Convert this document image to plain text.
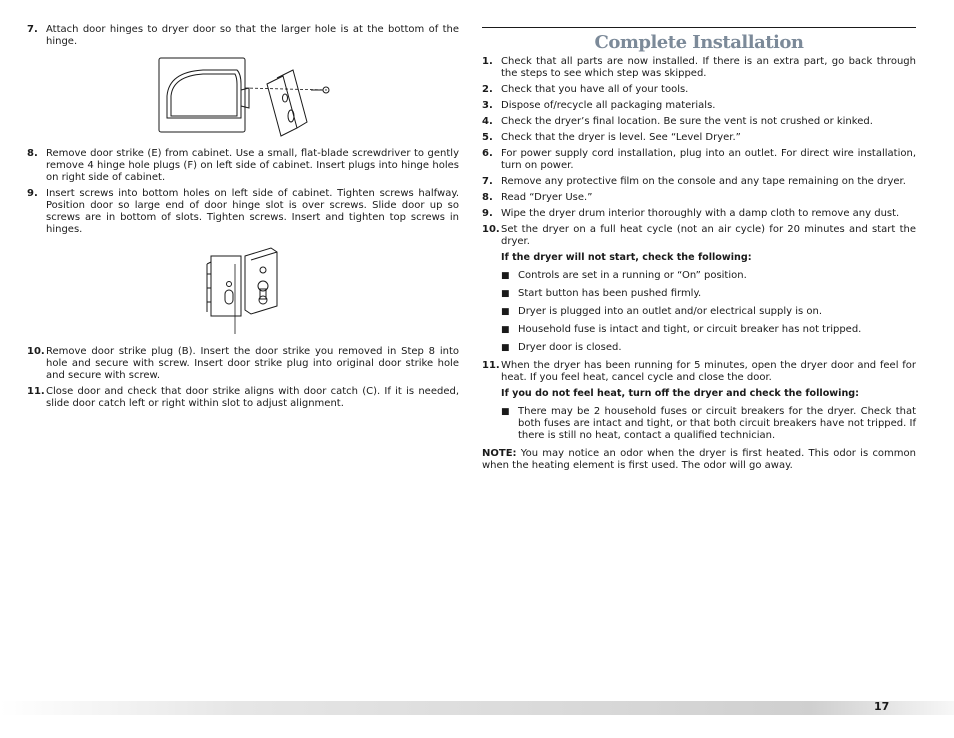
7. Attach door hinges to dryer door so that the larger hole is at the bottom of the hinge.
8. Remove door strike (E) from cabinet. Use a small, flat-blade screwdriver to gently remove 4 hinge hole plugs (F) on left side of cabinet. Insert plugs into hinge holes on right side of cabinet.
9. Insert screws into bottom holes on left side of cabinet. Tighten screws halfway. Position door so large end of door hinge slot is over screws. Slide door up so screws are in bottom of slots. Tighten screws. Insert and tighten top screws in hinges.
10. Remove door strike plug (B). Insert the door strike you removed in Step 8 into hole and secure with screw. Insert door strike plug into original door strike hole and secure with screw.
11. Close door and check that door strike aligns with door catch (C). If it is needed, slide door catch left or right within slot to adjust alignment.
Complete Installation
1. Check that all parts are now installed. If there is an extra part, go back through the steps to see which step was skipped.
2. Check that you have all of your tools.
3. Dispose of/recycle all packaging materials.
4. Check the dryer’s final location. Be sure the vent is not crushed or kinked.
5. Check that the dryer is level. See “Level Dryer.”
6. For power supply cord installation, plug into an outlet. For direct wire installation, turn on power.
7. Remove any protective film on the console and any tape remaining on the dryer.
8. Read “Dryer Use.”
9. Wipe the dryer drum interior thoroughly with a damp cloth to remove any dust.
10. Set the dryer on a full heat cycle (not an air cycle) for 20 minutes and start the dryer.
If the dryer will not start, check the following:
■ Controls are set in a running or “On” position.
■ Start button has been pushed firmly.
■ Dryer is plugged into an outlet and/or electrical supply is on.
■ Household fuse is intact and tight, or circuit breaker has not tripped.
■ Dryer door is closed.
11. When the dryer has been running for 5 minutes, open the dryer door and feel for heat. If you feel heat, cancel cycle and close the door.
If you do not feel heat, turn off the dryer and check the following:
■ There may be 2 household fuses or circuit breakers for the dryer. Check that both fuses are intact and tight, or that both circuit breakers have not tripped. If there is still no heat, contact a qualified technician.
NOTE: You may notice an odor when the dryer is first heated. This odor is common when the heating element is first used. The odor will go away.
17
